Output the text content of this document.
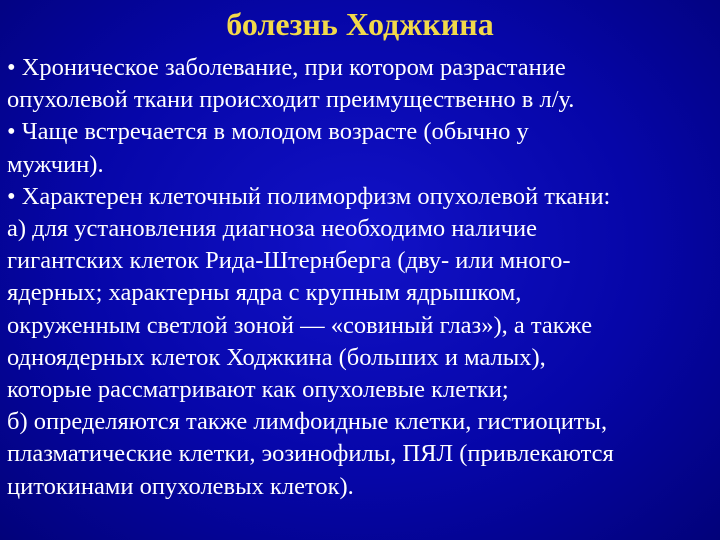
болезнь Ходжкина

• Хроническое заболевание, при котором разрастание

опухолевой ткани происходит преимущественно в л/у.

• Чаще встречается в молодом возрасте (обычно у

мужчин).

• Характерен клеточный полиморфизм опухолевой ткани:

а) для установления диагноза необходимо наличие

гигантских клеток Рида-Штернберга (дву- или много-

ядерных; характерны ядра с крупным ядрышком,

окруженным светлой зоной — «совиный глаз»), а также

одноядерных клеток Ходжкина (больших и малых),

которые рассматривают как опухолевые клетки;

б) определяются также лимфоидные клетки, гистиоциты,

плазматические клетки, эозинофилы, ПЯЛ (привлекаются

цитокинами опухолевых клеток).
